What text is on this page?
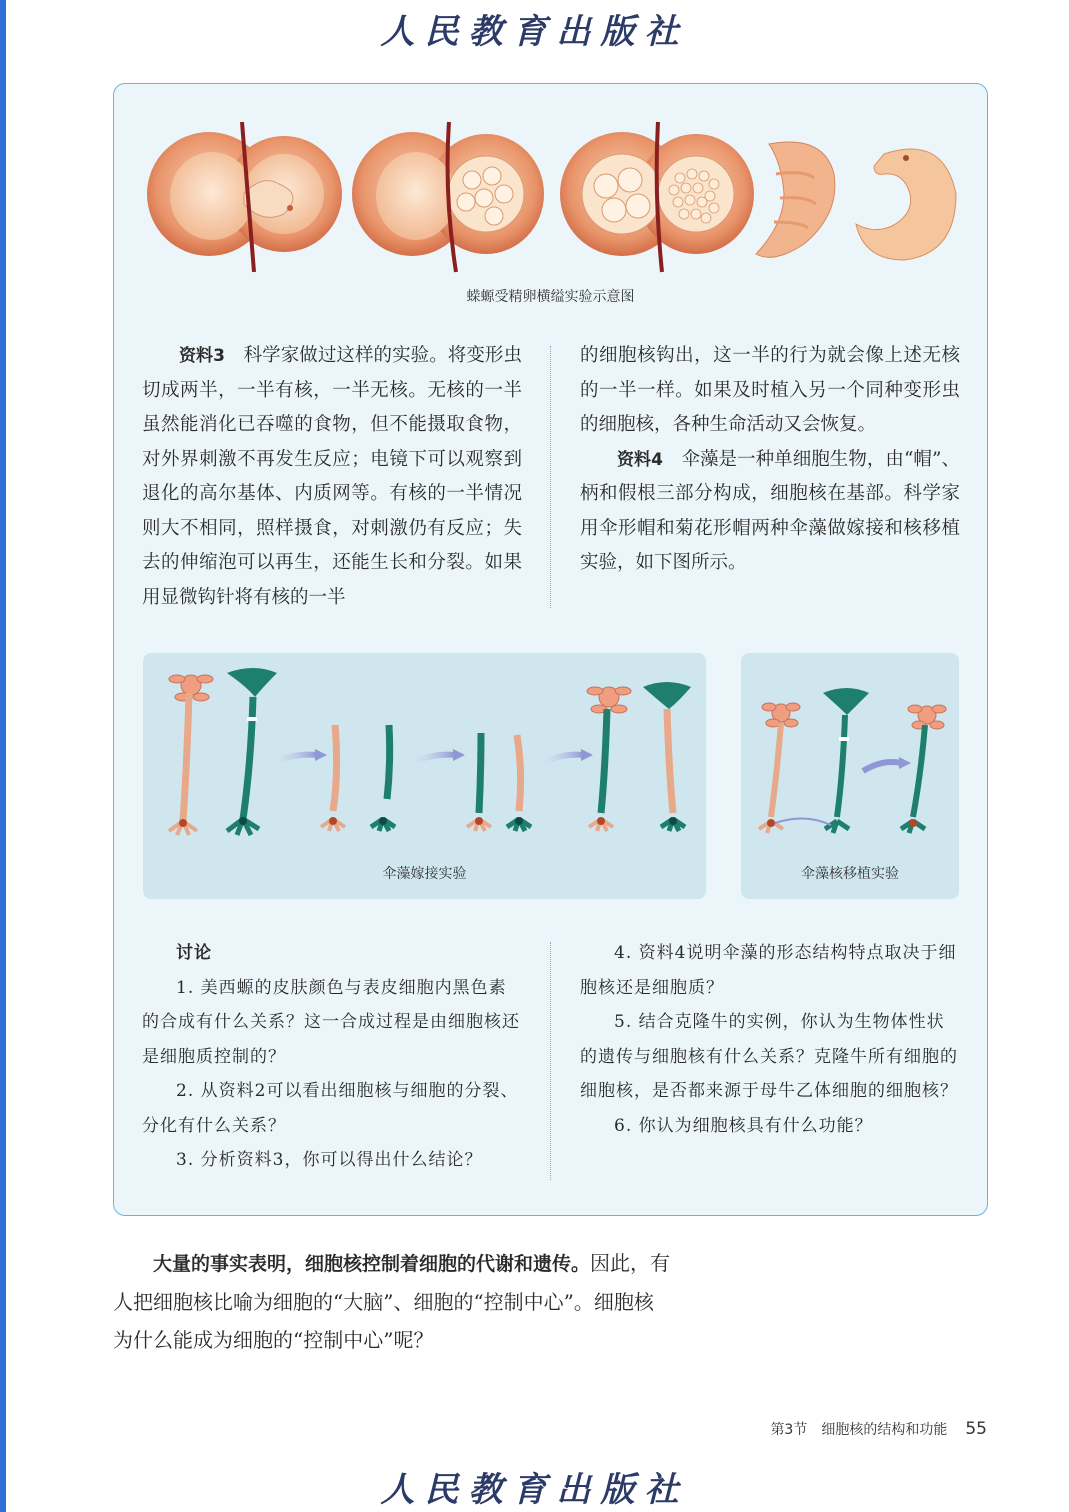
人民教育出版社
蝾螈受精卵横缢实验示意图

资料3　 科学家做过这样的实验。将变形虫切成两半，一半有核，一半无核。无核的一半虽然能消化已吞噬的食物，但不能摄取食物，对外界刺激不再发生反应；电镜下可以观察到退化的高尔基体、内质网等。有核的一半情况则大不相同，照样摄食，对刺激仍有反应；失去的伸缩泡可以再生，还能生长和分裂。如果用显微钩针将有核的一半

的细胞核钩出，这一半的行为就会像上述无核的一半一样。如果及时植入另一个同种变形虫的细胞核，各种生命活动又会恢复。

资料4　 伞藻是一种单细胞生物，由“帽”、柄和假根三部分构成，细胞核在基部。科学家用伞形帽和菊花形帽两种伞藻做嫁接和核移植实验，如下图所示。

伞藻嫁接实验	伞藻核移植实验

讨论

1. 美西螈的皮肤颜色与表皮细胞内黑色素的合成有什么关系？这一合成过程是由细胞核还是细胞质控制的？

2. 从资料2可以看出细胞核与细胞的分裂、分化有什么关系？

3. 分析资料3，你可以得出什么结论？

4. 资料4说明伞藻的形态结构特点取决于细胞核还是细胞质？

5. 结合克隆牛的实例，你认为生物体性状的遗传与细胞核有什么关系？克隆牛所有细胞的细胞核，是否都来源于母牛乙体细胞的细胞核？

6. 你认为细胞核具有什么功能？

大量的事实表明，细胞核控制着细胞的代谢和遗传。因此，有人把细胞核比喻为细胞的“大脑”、细胞的“控制中心”。细胞核为什么能成为细胞的“控制中心”呢？

第3节　细胞核的结构和功能 55
人民教育出版社
